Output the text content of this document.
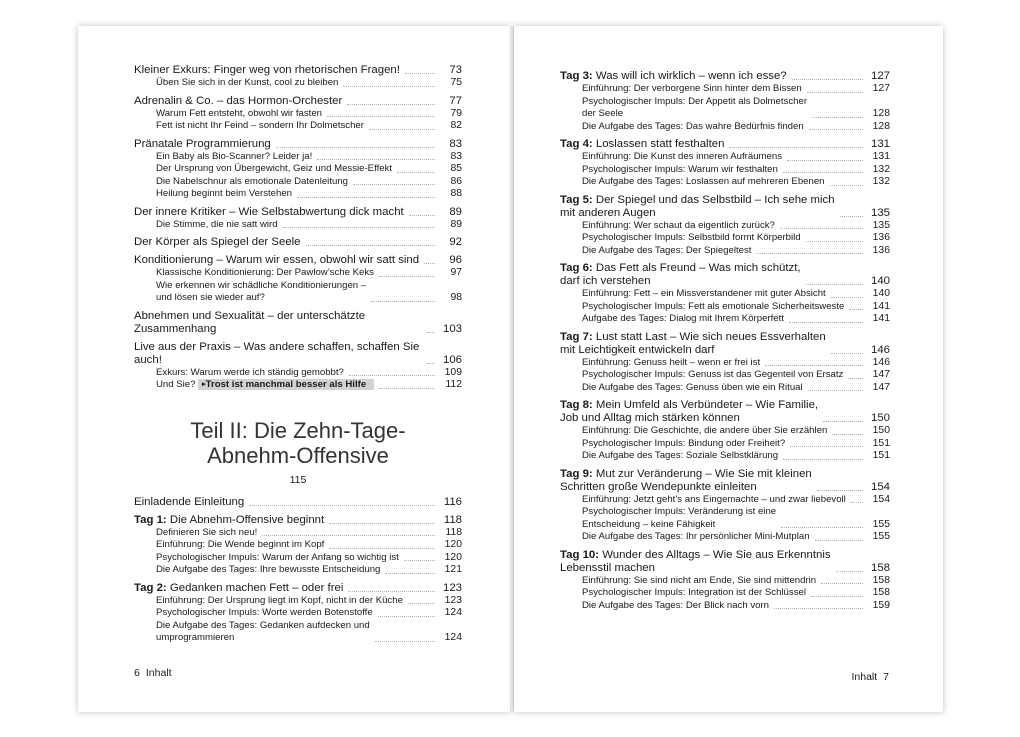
Kleiner Exkurs: Finger weg von rhetorischen Fragen!	73
Üben Sie sich in der Kunst, cool zu bleiben	75
Adrenalin & Co. – das Hormon-Orchester	77
Warum Fett entsteht, obwohl wir fasten	79
Fett ist nicht Ihr Feind – sondern Ihr Dolmetscher	82
Pränatale Programmierung	83
Ein Baby als Bio-Scanner? Leider ja!	83
Der Ursprung von Übergewicht, Geiz und Messie-Effekt	85
Die Nabelschnur als emotionale Datenleitung	86
Heilung beginnt beim Verstehen	88
Der innere Kritiker – Wie Selbstabwertung dick macht	89
Die Stimme, die nie satt wird	89
Der Körper als Spiegel der Seele	92
Konditionierung – Warum wir essen, obwohl wir satt sind	96
Klassische Konditionierung: Der Pawlow’sche Keks	97
Wie erkennen wir schädliche Konditionierungen –
und lösen sie wieder auf?	98
Abnehmen und Sexualität – der unterschätzte Zusammenhang	103
Live aus der Praxis – Was andere schaffen, schaffen Sie auch!	106
Exkurs: Warum werde ich ständig gemobbt?	109
Und Sie? ▸ Trost ist manchmal besser als Hilfe	112
Teil II: Die Zehn-Tage-
Abnehm-Offensive
115
Einladende Einleitung	116
Tag 1: Die Abnehm-Offensive beginnt	118
Definieren Sie sich neu!	118
Einführung: Die Wende beginnt im Kopf	120
Psychologischer Impuls: Warum der Anfang so wichtig ist	120
Die Aufgabe des Tages: Ihre bewusste Entscheidung	121
Tag 2: Gedanken machen Fett – oder frei	123
Einführung: Der Ursprung liegt im Kopf, nicht in der Küche	123
Psychologischer Impuls: Worte werden Botenstoffe	124
Die Aufgabe des Tages: Gedanken aufdecken und
umprogrammieren	124
6 Inhalt
Tag 3: Was will ich wirklich – wenn ich esse?	127
Einführung: Der verborgene Sinn hinter dem Bissen	127
Psychologischer Impuls: Der Appetit als Dolmetscher
der Seele	128
Die Aufgabe des Tages: Das wahre Bedürfnis finden	128
Tag 4: Loslassen statt festhalten	131
Einführung: Die Kunst des inneren Aufräumens	131
Psychologischer Impuls: Warum wir festhalten	132
Die Aufgabe des Tages: Loslassen auf mehreren Ebenen	132
Tag 5: Der Spiegel und das Selbstbild – Ich sehe mich
mit anderen Augen	135
Einführung: Wer schaut da eigentlich zurück?	135
Psychologischer Impuls: Selbstbild formt Körperbild	136
Die Aufgabe des Tages: Der Spiegeltest	136
Tag 6: Das Fett als Freund – Was mich schützt,
darf ich verstehen	140
Einführung: Fett – ein Missverstandener mit guter Absicht	140
Psychologischer Impuls: Fett als emotionale Sicherheitsweste	141
Aufgabe des Tages: Dialog mit Ihrem Körperfett	141
Tag 7: Lust statt Last – Wie sich neues Essverhalten
mit Leichtigkeit entwickeln darf	146
Einführung: Genuss heilt – wenn er frei ist	146
Psychologischer Impuls: Genuss ist das Gegenteil von Ersatz	147
Die Aufgabe des Tages: Genuss üben wie ein Ritual	147
Tag 8: Mein Umfeld als Verbündeter – Wie Familie,
Job und Alltag mich stärken können	150
Einführung: Die Geschichte, die andere über Sie erzählen	150
Psychologischer Impuls: Bindung oder Freiheit?	151
Die Aufgabe des Tages: Soziale Selbstklärung	151
Tag 9: Mut zur Veränderung – Wie Sie mit kleinen
Schritten große Wendepunkte einleiten	154
Einführung: Jetzt geht’s ans Eingemachte – und zwar liebevoll	154
Psychologischer Impuls: Veränderung ist eine
Entscheidung – keine Fähigkeit	155
Die Aufgabe des Tages: Ihr persönlicher Mini-Mutplan	155
Tag 10: Wunder des Alltags – Wie Sie aus Erkenntnis
Lebensstil machen	158
Einführung: Sie sind nicht am Ende, Sie sind mittendrin	158
Psychologischer Impuls: Integration ist der Schlüssel	158
Die Aufgabe des Tages: Der Blick nach vorn	159
Inhalt 7
